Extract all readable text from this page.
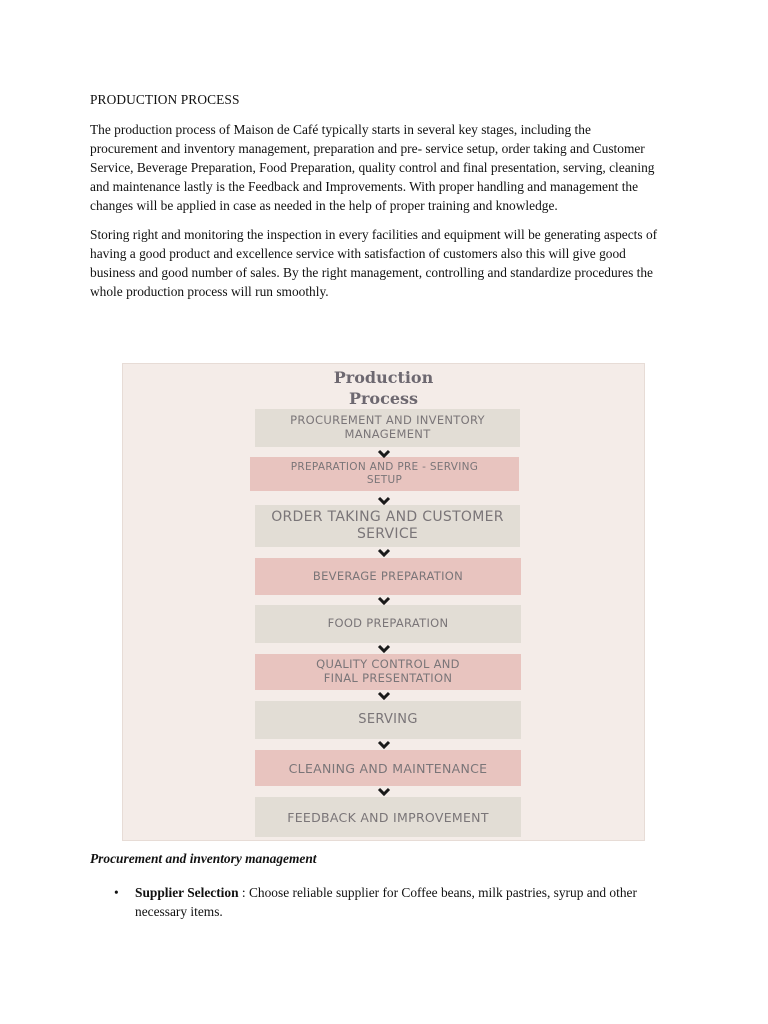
PRODUCTION PROCESS

The production process of Maison de Café typically starts in several key stages, including the
procurement and inventory management, preparation and pre- service setup, order taking and Customer
Service, Beverage Preparation, Food Preparation, quality control and final presentation, serving, cleaning
and maintenance lastly is the Feedback and Improvements. With proper handling and management the
changes will be applied in case as needed in the help of proper training and knowledge.

Storing right and monitoring the inspection in every facilities and equipment will be generating aspects of
having a good product and excellence service with satisfaction of customers also this will give good
business and good number of sales. By the right management, controlling and standardize procedures the
whole production process will run smoothly.

Production
Process
PROCUREMENT AND INVENTORY
MANAGEMENT
PREPARATION AND PRE - SERVING
SETUP
ORDER TAKING AND CUSTOMER
SERVICE
BEVERAGE PREPARATION
FOOD PREPARATION
QUALITY CONTROL AND
FINAL PRESENTATION
SERVING
CLEANING AND MAINTENANCE
FEEDBACK AND IMPROVEMENT
Procurement and inventory management
• Supplier Selection : Choose reliable supplier for Coffee beans, milk pastries, syrup and other
necessary items.
